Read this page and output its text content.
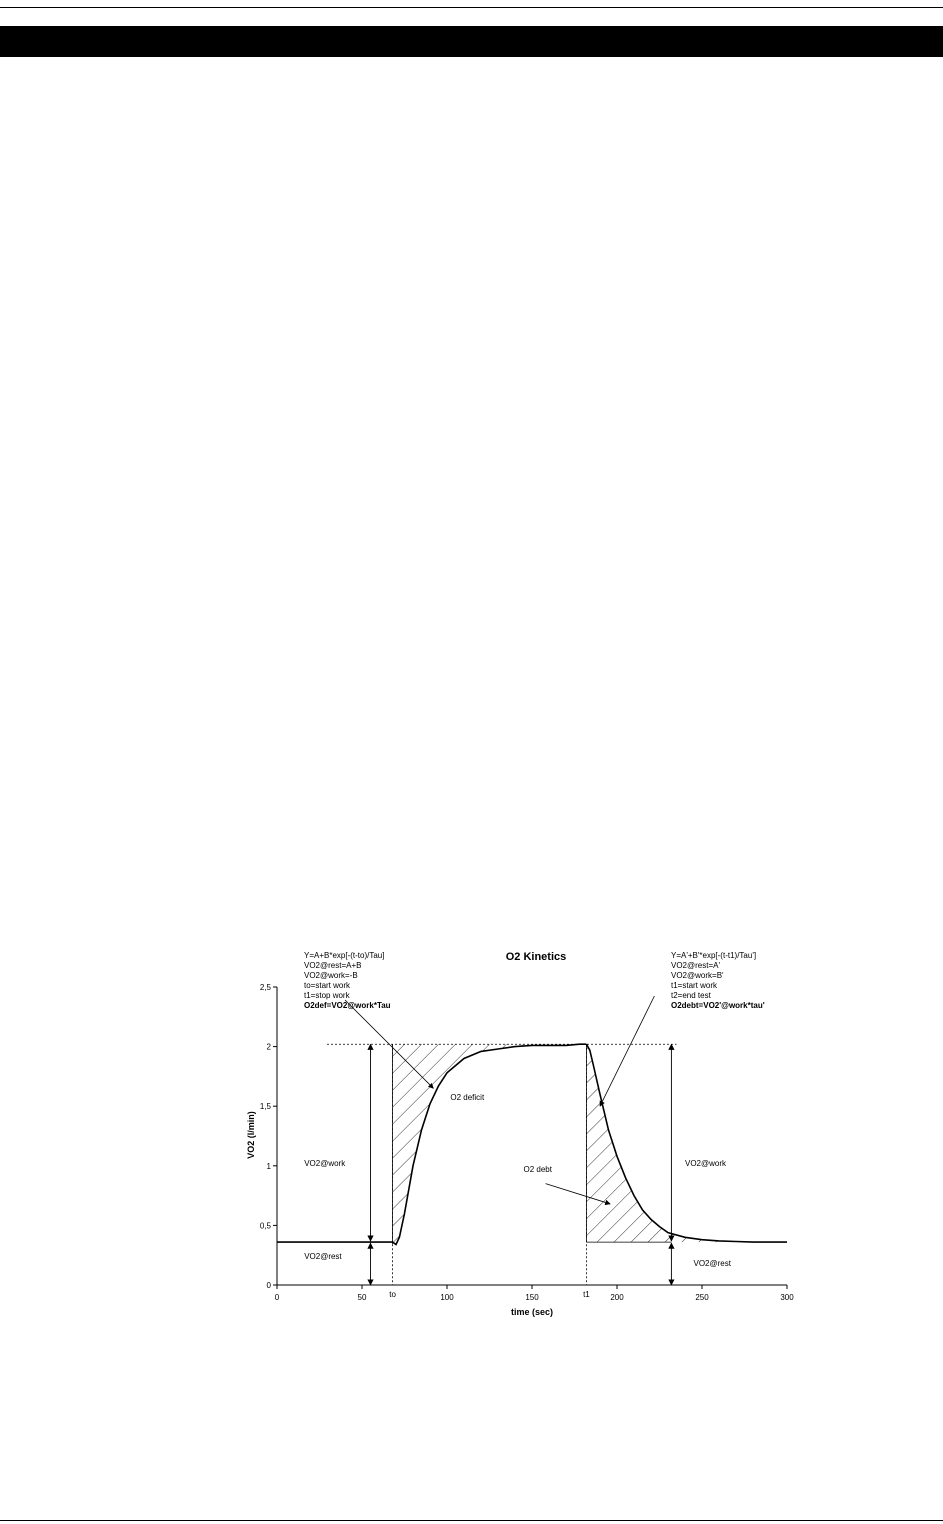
O2 Kinetics
Y=A+B*exp[-(t-to)/Tau]
VO2@rest=A+B
VO2@work=-B
to=start work
t1=stop work
O2def=VO2@work*Tau
Y=A'+B'*exp[-(t-t1)/Tau']
VO2@rest=A'
VO2@work=B'
t1=start work
t2=end test
O2debt=VO2'@work*tau'
0
0,5
1
1,5
2
2,5
0	50	100	150	200	250	300
VO2@work
VO2@rest
VO2@work
VO2@rest
O2 deficit
O2 debt
to	t1
VO2 (l/min)
time (sec)
